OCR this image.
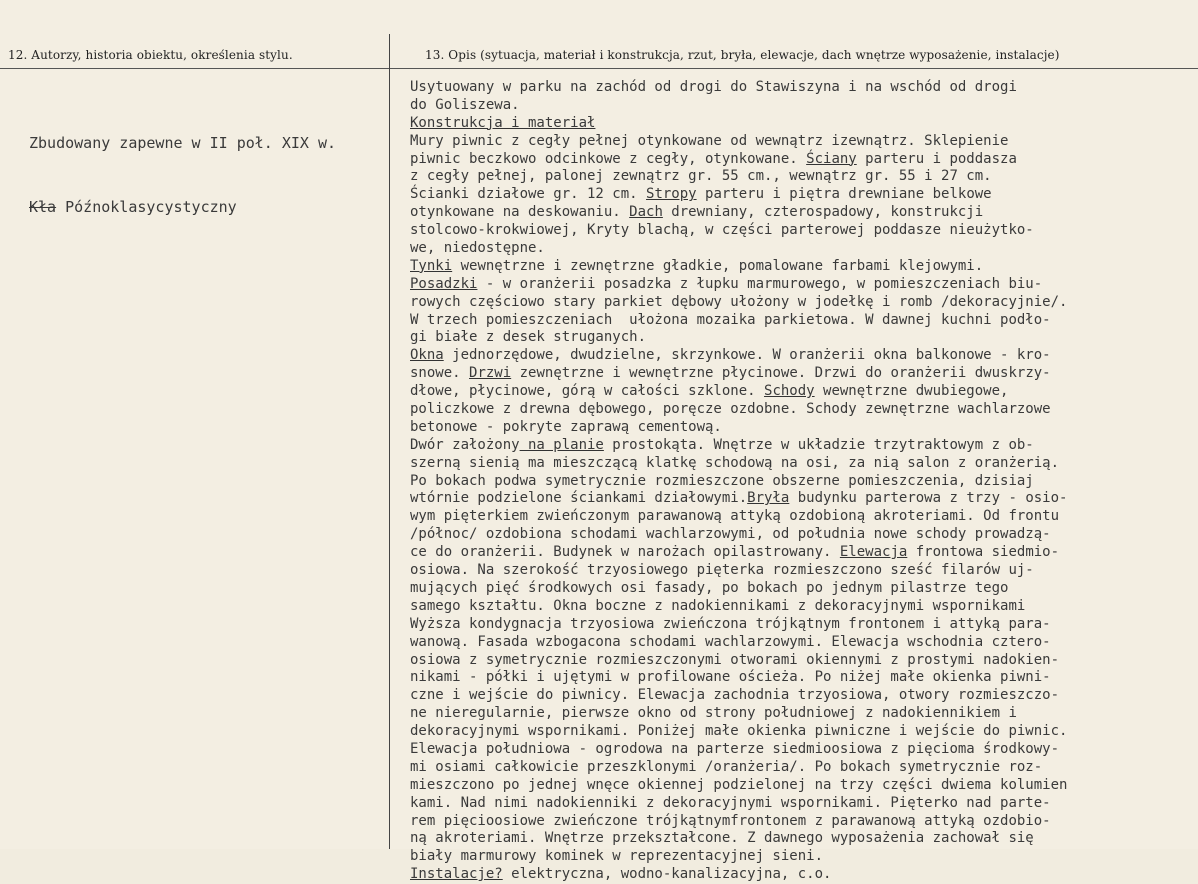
12. Autorzy, historia obiektu, określenia stylu.	13. Opis (sytuacja, materiał i konstrukcja, rzut, bryła, elewacje, dach wnętrze wyposażenie, instalacje)

Zbudowany zapewne w II poł. XIX w.

Kła Późnoklasycystyczny

Usytuowany w parku na zachód od drogi do Stawiszyna i na wschód od drogi
do Goliszewa.
Konstrukcja i materiał
Mury piwnic z cegły pełnej otynkowane od wewnątrz izewnątrz. Sklepienie
piwnic beczkowo odcinkowe z cegły, otynkowane. Ściany parteru i poddasza
z cegły pełnej, palonej zewnątrz gr. 55 cm., wewnątrz gr. 55 i 27 cm.
Ścianki działowe gr. 12 cm. Stropy parteru i piętra drewniane belkowe
otynkowane na deskowaniu. Dach drewniany, czterospadowy, konstrukcji
stolcowo-krokwiowej, Kryty blachą, w części parterowej poddasze nieużytko-
we, niedostępne.
Tynki wewnętrzne i zewnętrzne gładkie, pomalowane farbami klejowymi.
Posadzki - w oranżerii posadzka z łupku marmurowego, w pomieszczeniach biu-
rowych częściowo stary parkiet dębowy ułożony w jodełkę i romb /dekoracyjnie/.
W trzech pomieszczeniach  ułożona mozaika parkietowa. W dawnej kuchni podło-
gi białe z desek struganych.
Okna jednorzędowe, dwudzielne, skrzynkowe. W oranżerii okna balkonowe - kro-
snowe. Drzwi zewnętrzne i wewnętrzne płycinowe. Drzwi do oranżerii dwuskrzy-
dłowe, płycinowe, górą w całości szklone. Schody wewnętrzne dwubiegowe,
policzkowe z drewna dębowego, poręcze ozdobne. Schody zewnętrzne wachlarzowe
betonowe - pokryte zaprawą cementową.
Dwór założony na planie prostokąta. Wnętrze w układzie trzytraktowym z ob-
szerną sienią ma mieszczącą klatkę schodową na osi, za nią salon z oranżerią.
Po bokach podwa symetrycznie rozmieszczone obszerne pomieszczenia, dzisiaj
wtórnie podzielone ściankami działowymi.Bryła budynku parterowa z trzy - osio-
wym pięterkiem zwieńczonym parawanową attyką ozdobioną akroteriami. Od frontu
/północ/ ozdobiona schodami wachlarzowymi, od południa nowe schody prowadzą-
ce do oranżerii. Budynek w narożach opilastrowany. Elewacja frontowa siedmio-
osiowa. Na szerokość trzyosiowego pięterka rozmieszczono sześć filarów uj-
mujących pięć środkowych osi fasady, po bokach po jednym pilastrze tego
samego kształtu. Okna boczne z nadokiennikami z dekoracyjnymi wspornikami
Wyższa kondygnacja trzyosiowa zwieńczona trójkątnym frontonem i attyką para-
wanową. Fasada wzbogacona schodami wachlarzowymi. Elewacja wschodnia cztero-
osiowa z symetrycznie rozmieszczonymi otworami okiennymi z prostymi nadokien-
nikami - półki i ujętymi w profilowane ościeża. Po niżej małe okienka piwni-
czne i wejście do piwnicy. Elewacja zachodnia trzyosiowa, otwory rozmieszczo-
ne nieregularnie, pierwsze okno od strony południowej z nadokiennikiem i
dekoracyjnymi wspornikami. Poniżej małe okienka piwniczne i wejście do piwnic.
Elewacja południowa - ogrodowa na parterze siedmioosiowa z pięcioma środkowy-
mi osiami całkowicie przeszklonymi /oranżeria/. Po bokach symetrycznie roz-
mieszczono po jednej wnęce okiennej podzielonej na trzy części dwiema kolumien
kami. Nad nimi nadokienniki z dekoracyjnymi wspornikami. Pięterko nad parte-
rem pięcioosiowe zwieńczone trójkątnymfrontonem z parawanową attyką ozdobio-
ną akroteriami. Wnętrze przekształcone. Z dawnego wyposażenia zachował się
biały marmurowy kominek w reprezentacyjnej sieni.
Instalacje? elektryczna, wodno-kanalizacyjna, c.o.
